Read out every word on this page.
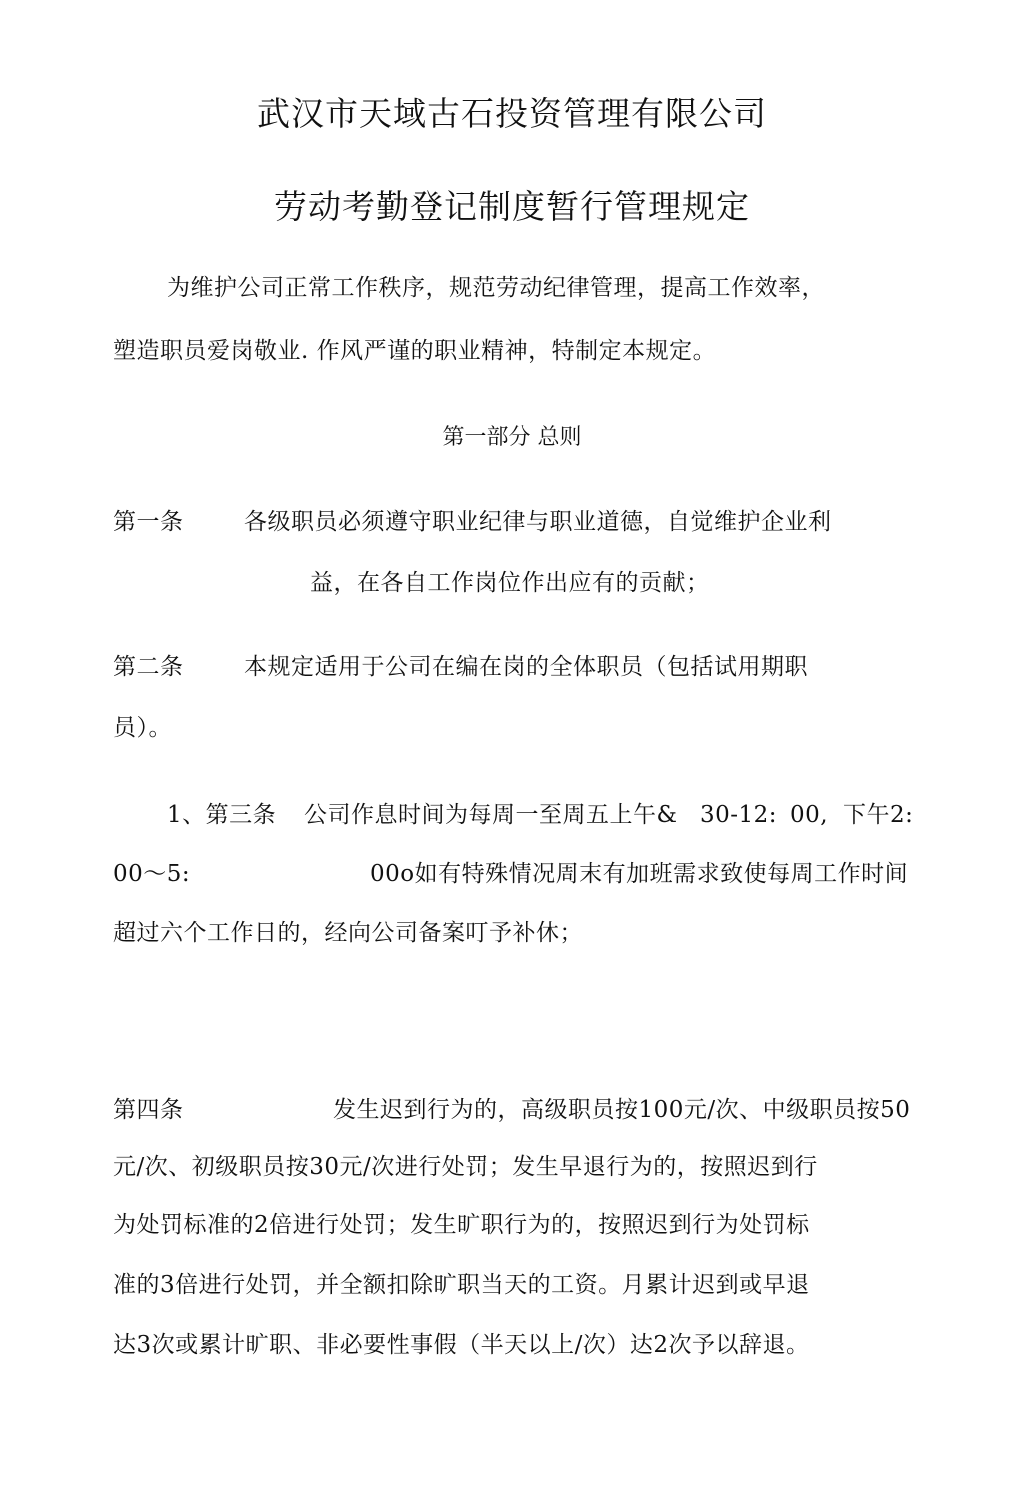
武汉市天域古石投资管理有限公司
劳动考勤登记制度暂行管理规定
为维护公司正常工作秩序，规范劳动纪律管理，提高工作效率，
塑造职员爱岗敬业. 作风严谨的职业精神，特制定本规定。
第一部分 总则
第一条	各级职员必须遵守职业纪律与职业道德，自觉维护企业利
益，在各自工作岗位作出应有的贡献；
第二条	本规定适用于公司在编在岗的全体职员（包括试用期职
员）。
1、第三条 公司作息时间为每周一至周五上午& 30-12: 00, 下午2:
00～5:	00o如有特殊情况周末有加班需求致使每周工作时间
超过六个工作日的，经向公司备案叮予补休；
第四条	发生迟到行为的，高级职员按100元/次、中级职员按50
元/次、初级职员按30元/次进行处罚；发生早退行为的，按照迟到行
为处罚标准的2倍进行处罚；发生旷职行为的，按照迟到行为处罚标
准的3倍进行处罚，并全额扣除旷职当天的工资。月累计迟到或早退
达3次或累计旷职、非必要性事假（半天以上/次）达2次予以辞退。
